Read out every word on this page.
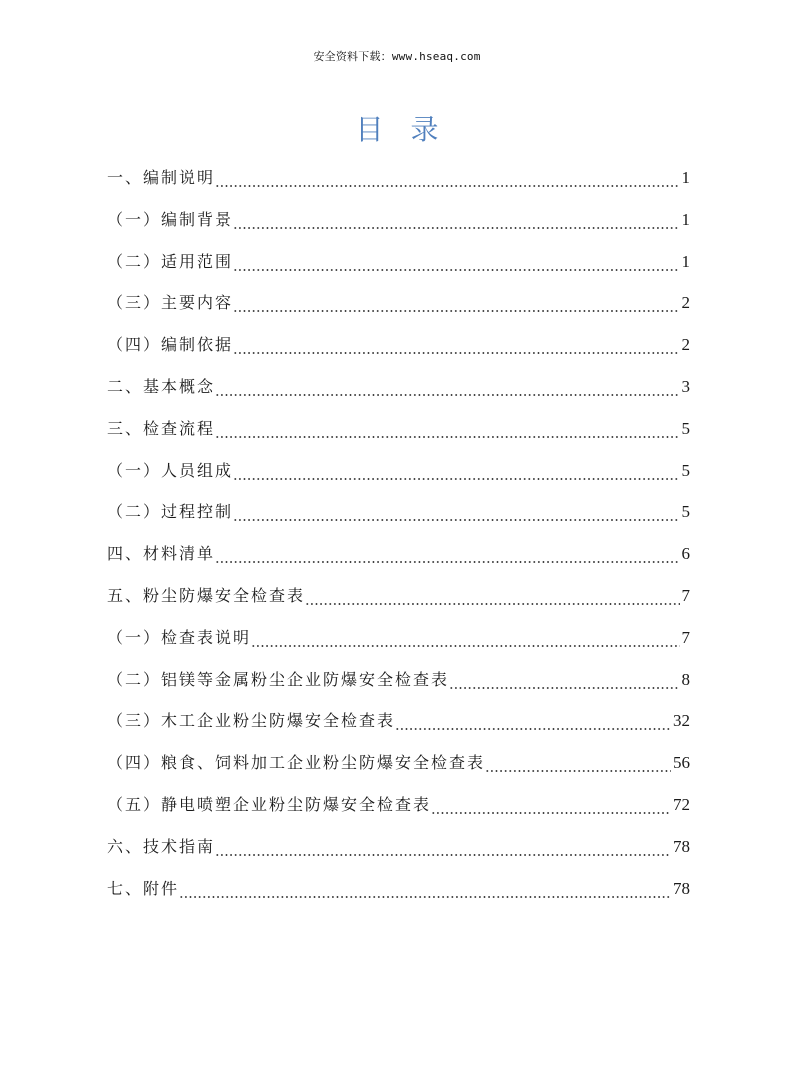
安全资料下载：www.hseaq.com
目 录
一、编制说明	1
（一）编制背景	1
（二）适用范围	1
（三）主要内容	2
（四）编制依据	2
二、基本概念	3
三、检查流程	5
（一）人员组成	5
（二）过程控制	5
四、材料清单	6
五、粉尘防爆安全检查表	7
（一）检查表说明	7
（二）铝镁等金属粉尘企业防爆安全检查表	8
（三）木工企业粉尘防爆安全检查表	32
（四）粮食、饲料加工企业粉尘防爆安全检查表	56
（五）静电喷塑企业粉尘防爆安全检查表	72
六、技术指南	78
七、附件	78
